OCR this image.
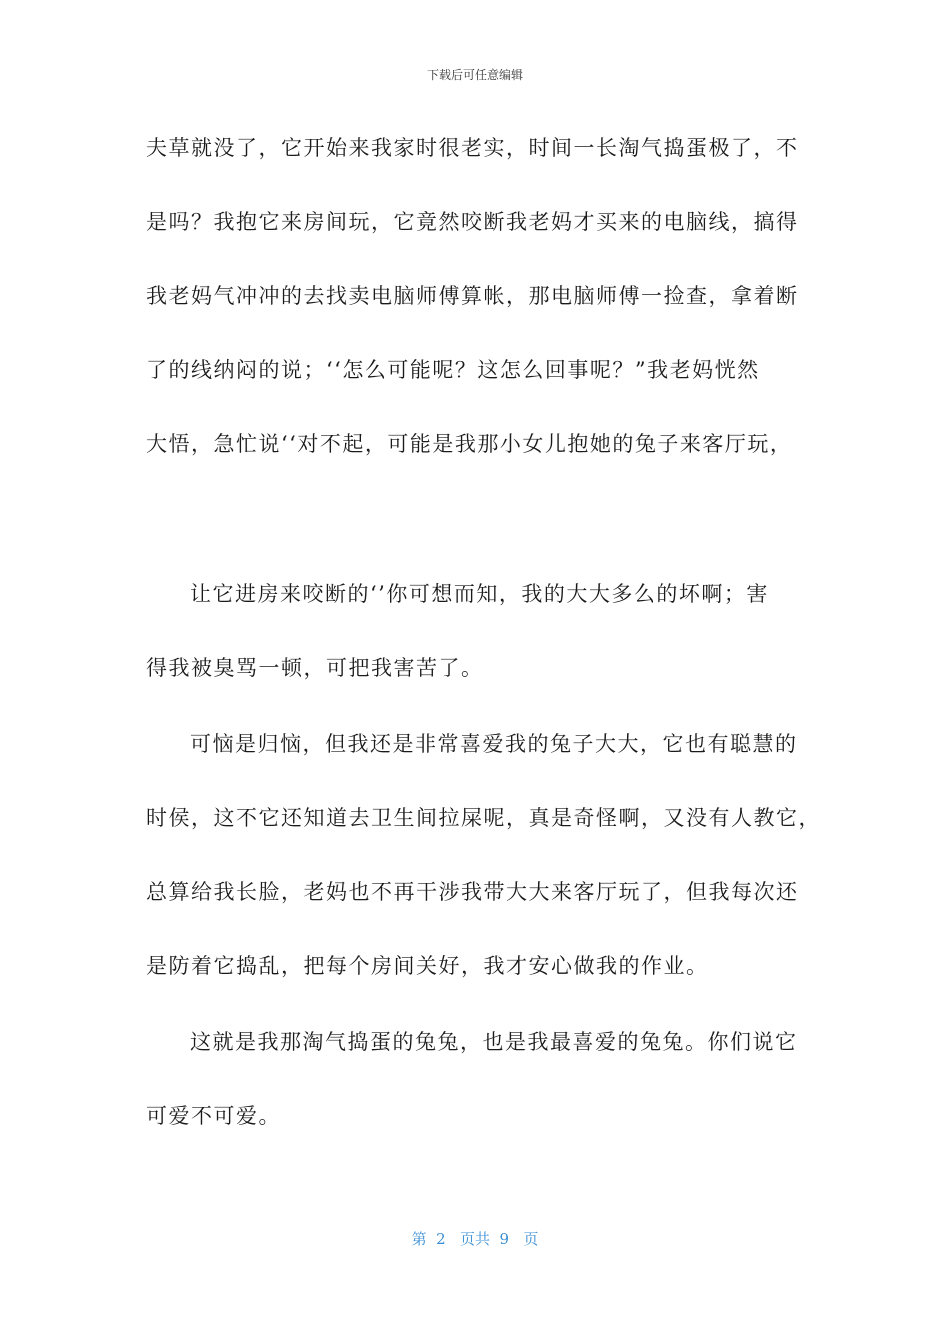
下载后可任意编辑
夫草就没了，它开始来我家时很老实，时间一长淘气捣蛋极了，不
是吗？我抱它来房间玩，它竟然咬断我老妈才买来的电脑线，搞得
我老妈气冲冲的去找卖电脑师傅算帐，那电脑师傅一捡查，拿着断
了的线纳闷的说；‘‘怎么可能呢？这怎么回事呢？”我老妈恍然
大悟，急忙说‘‘对不起，可能是我那小女儿抱她的兔子来客厅玩，
让它进房来咬断的‘’你可想而知，我的大大多么的坏啊；害
得我被臭骂一顿，可把我害苦了。
可恼是归恼，但我还是非常喜爱我的兔子大大，它也有聪慧的
时侯，这不它还知道去卫生间拉屎呢，真是奇怪啊，又没有人教它，
总算给我长脸，老妈也不再干涉我带大大来客厅玩了，但我每次还
是防着它捣乱，把每个房间关好，我才安心做我的作业。
这就是我那淘气捣蛋的兔兔，也是我最喜爱的兔兔。你们说它
可爱不可爱。
第  2   页共  9   页
